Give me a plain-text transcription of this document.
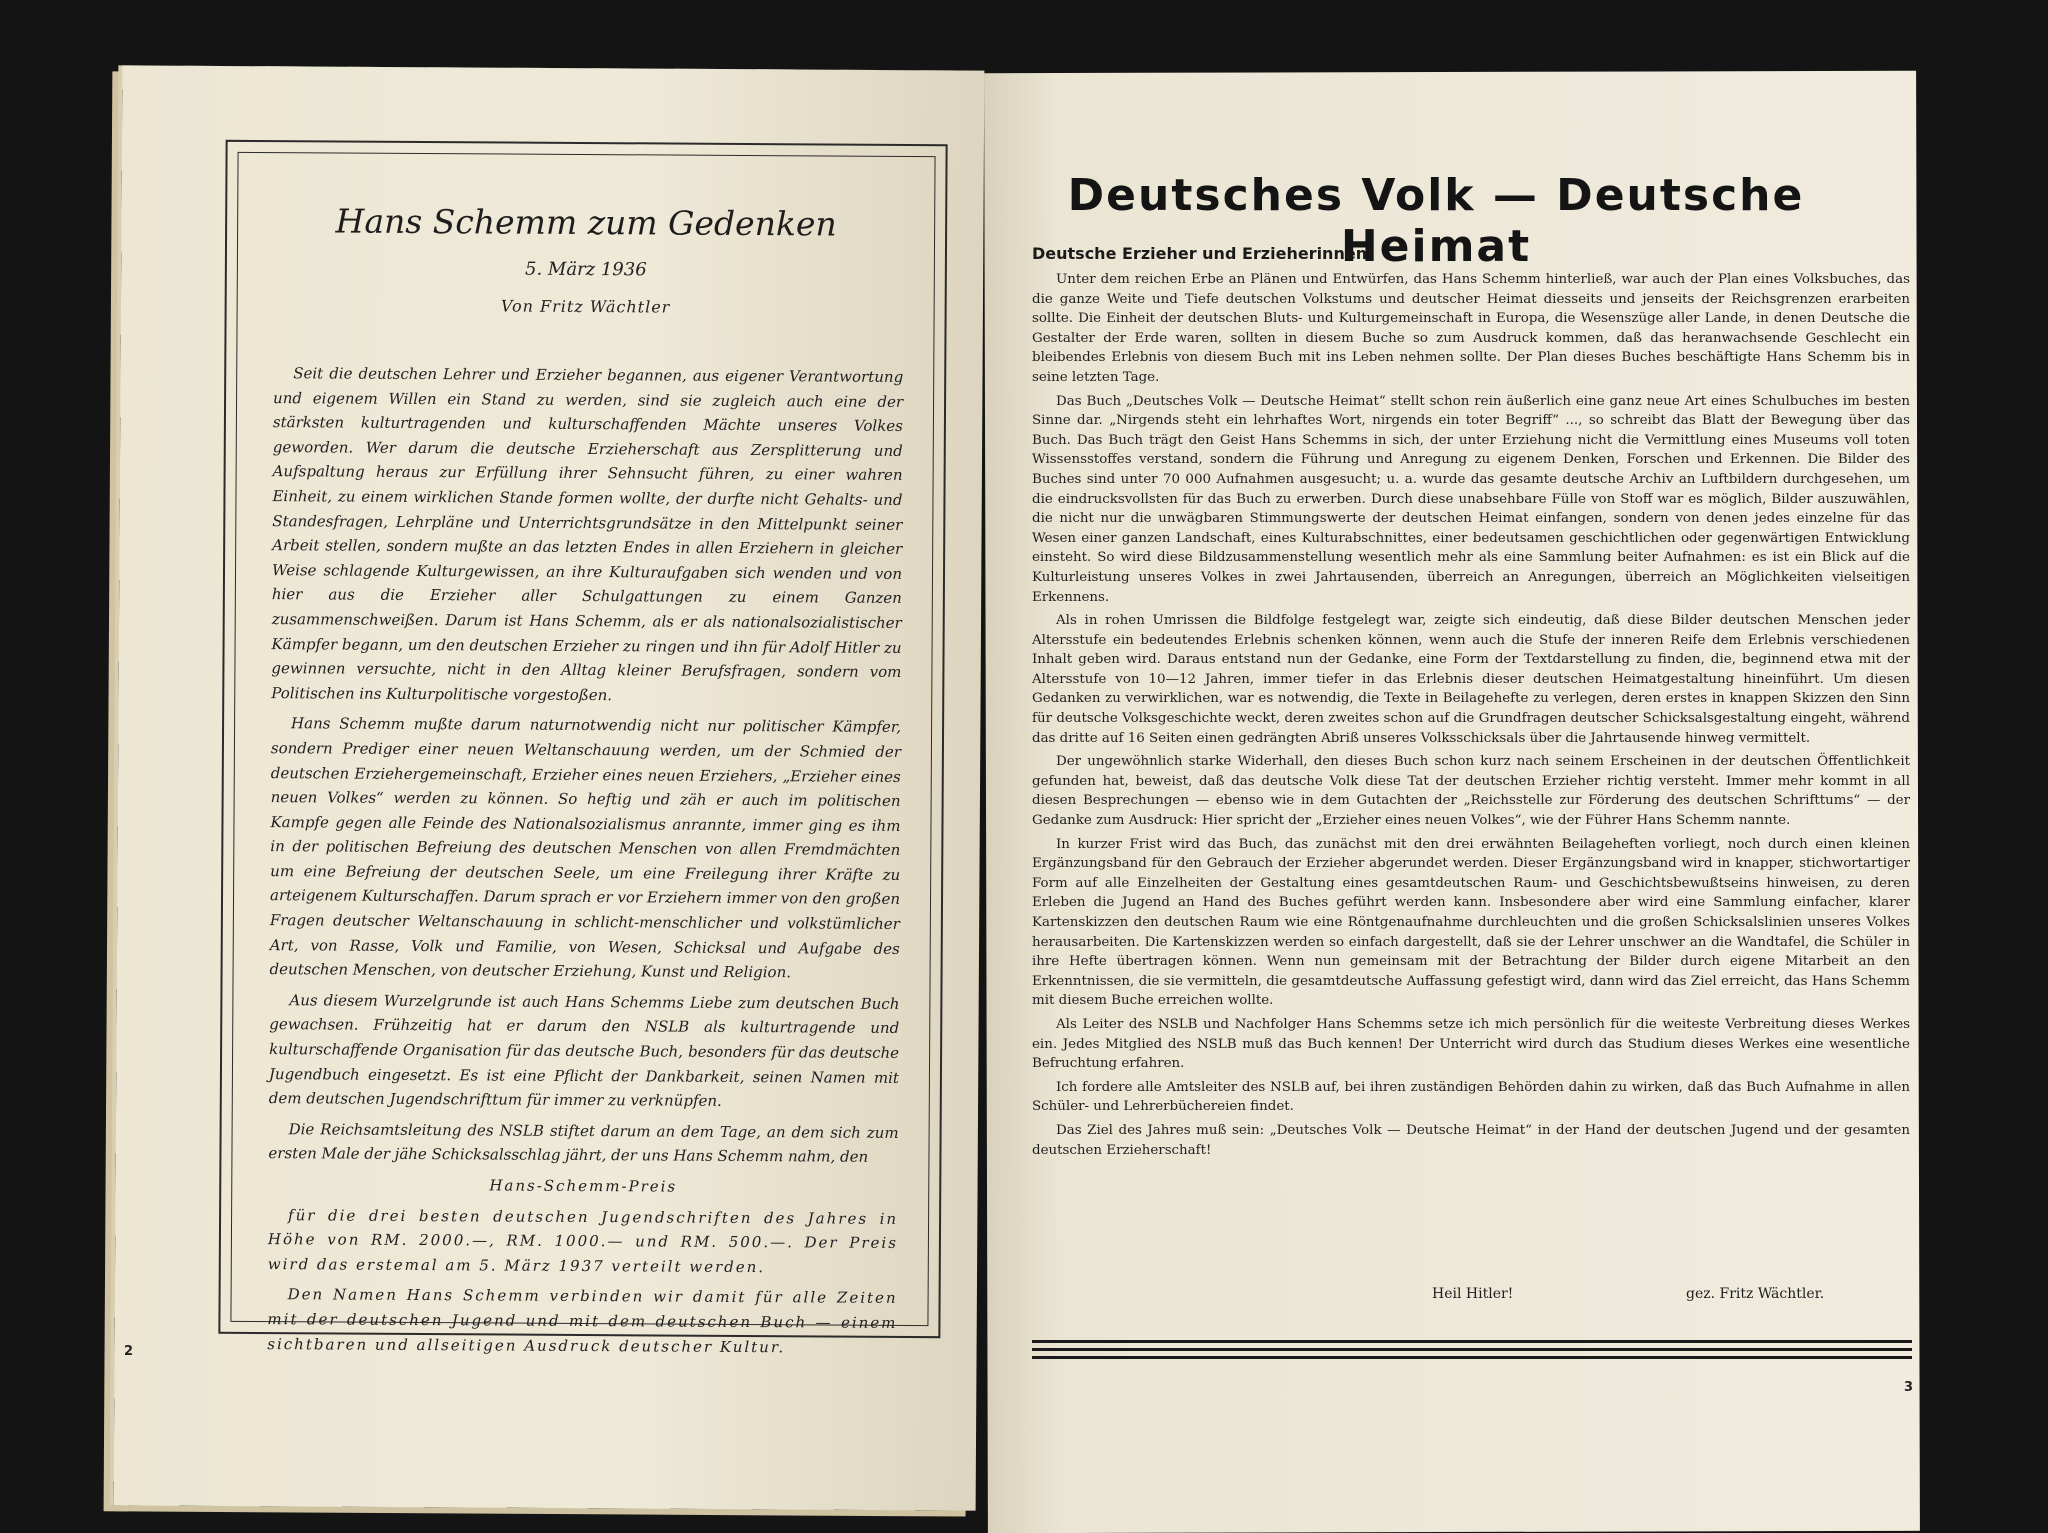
Hans Schemm zum Gedenken
5. März 1936
Von Fritz Wächtler

Seit die deutschen Lehrer und Erzieher begannen, aus eigener Verantwortung und eigenem Willen ein Stand zu werden, sind sie zugleich auch eine der stärksten kulturtragenden und kulturschaffenden Mächte unseres Volkes geworden. Wer darum die deutsche Erzieherschaft aus Zersplitterung und Aufspaltung heraus zur Erfüllung ihrer Sehnsucht führen, zu einer wahren Einheit, zu einem wirklichen Stande formen wollte, der durfte nicht Gehalts- und Standesfragen, Lehrpläne und Unterrichtsgrundsätze in den Mittelpunkt seiner Arbeit stellen, sondern mußte an das letzten Endes in allen Erziehern in gleicher Weise schlagende Kulturgewissen, an ihre Kulturaufgaben sich wenden und von hier aus die Erzieher aller Schulgattungen zu einem Ganzen zusammenschweißen. Darum ist Hans Schemm, als er als nationalsozialistischer Kämpfer begann, um den deutschen Erzieher zu ringen und ihn für Adolf Hitler zu gewinnen versuchte, nicht in den Alltag kleiner Berufsfragen, sondern vom Politischen ins Kulturpolitische vorgestoßen.

Hans Schemm mußte darum naturnotwendig nicht nur politischer Kämpfer, sondern Prediger einer neuen Weltanschauung werden, um der Schmied der deutschen Erziehergemeinschaft, Erzieher eines neuen Erziehers, „Erzieher eines neuen Volkes“ werden zu können. So heftig und zäh er auch im politischen Kampfe gegen alle Feinde des Nationalsozialismus anrannte, immer ging es ihm in der politischen Befreiung des deutschen Menschen von allen Fremdmächten um eine Befreiung der deutschen Seele, um eine Freilegung ihrer Kräfte zu arteigenem Kulturschaffen. Darum sprach er vor Erziehern immer von den großen Fragen deutscher Weltanschauung in schlicht-menschlicher und volkstümlicher Art, von Rasse, Volk und Familie, von Wesen, Schicksal und Aufgabe des deutschen Menschen, von deutscher Erziehung, Kunst und Religion.

Aus diesem Wurzelgrunde ist auch Hans Schemms Liebe zum deutschen Buch gewachsen. Frühzeitig hat er darum den NSLB als kulturtragende und kulturschaffende Organisation für das deutsche Buch, besonders für das deutsche Jugendbuch eingesetzt. Es ist eine Pflicht der Dankbarkeit, seinen Namen mit dem deutschen Jugendschrifttum für immer zu verknüpfen.

Die Reichsamtsleitung des NSLB stiftet darum an dem Tage, an dem sich zum ersten Male der jähe Schicksalsschlag jährt, der uns Hans Schemm nahm, den

Hans-Schemm-Preis

für die drei besten deutschen Jugendschriften des Jahres in Höhe von RM. 2000.—, RM. 1000.— und RM. 500.—. Der Preis wird das erstemal am 5. März 1937 verteilt werden.

Den Namen Hans Schemm verbinden wir damit für alle Zeiten mit der deutschen Jugend und mit dem deutschen Buch — einem sichtbaren und allseitigen Ausdruck deutscher Kultur.

2
Deutsches Volk — Deutsche Heimat
Deutsche Erzieher und Erzieherinnen!

Unter dem reichen Erbe an Plänen und Entwürfen, das Hans Schemm hinterließ, war auch der Plan eines Volksbuches, das die ganze Weite und Tiefe deutschen Volkstums und deutscher Heimat diesseits und jenseits der Reichsgrenzen erarbeiten sollte. Die Einheit der deutschen Bluts- und Kulturgemeinschaft in Europa, die Wesenszüge aller Lande, in denen Deutsche die Gestalter der Erde waren, sollten in diesem Buche so zum Ausdruck kommen, daß das heranwachsende Geschlecht ein bleibendes Erlebnis von diesem Buch mit ins Leben nehmen sollte. Der Plan dieses Buches beschäftigte Hans Schemm bis in seine letzten Tage.

Das Buch „Deutsches Volk — Deutsche Heimat“ stellt schon rein äußerlich eine ganz neue Art eines Schulbuches im besten Sinne dar. „Nirgends steht ein lehrhaftes Wort, nirgends ein toter Begriff“ ..., so schreibt das Blatt der Bewegung über das Buch. Das Buch trägt den Geist Hans Schemms in sich, der unter Erziehung nicht die Vermittlung eines Museums voll toten Wissensstoffes verstand, sondern die Führung und Anregung zu eigenem Denken, Forschen und Erkennen. Die Bilder des Buches sind unter 70 000 Aufnahmen ausgesucht; u. a. wurde das gesamte deutsche Archiv an Luftbildern durchgesehen, um die eindrucksvollsten für das Buch zu erwerben. Durch diese unabsehbare Fülle von Stoff war es möglich, Bilder auszuwählen, die nicht nur die unwägbaren Stimmungswerte der deutschen Heimat einfangen, sondern von denen jedes einzelne für das Wesen einer ganzen Landschaft, eines Kulturabschnittes, einer bedeutsamen geschichtlichen oder gegenwärtigen Entwicklung einsteht. So wird diese Bildzusammenstellung wesentlich mehr als eine Sammlung beiter Aufnahmen: es ist ein Blick auf die Kulturleistung unseres Volkes in zwei Jahrtausenden, überreich an Anregungen, überreich an Möglichkeiten vielseitigen Erkennens.

Als in rohen Umrissen die Bildfolge festgelegt war, zeigte sich eindeutig, daß diese Bilder deutschen Menschen jeder Altersstufe ein bedeutendes Erlebnis schenken können, wenn auch die Stufe der inneren Reife dem Erlebnis verschiedenen Inhalt geben wird. Daraus entstand nun der Gedanke, eine Form der Textdarstellung zu finden, die, beginnend etwa mit der Altersstufe von 10—12 Jahren, immer tiefer in das Erlebnis dieser deutschen Heimatgestaltung hineinführt. Um diesen Gedanken zu verwirklichen, war es notwendig, die Texte in Beilagehefte zu verlegen, deren erstes in knappen Skizzen den Sinn für deutsche Volksgeschichte weckt, deren zweites schon auf die Grundfragen deutscher Schicksalsgestaltung eingeht, während das dritte auf 16 Seiten einen gedrängten Abriß unseres Volksschicksals über die Jahrtausende hinweg vermittelt.

Der ungewöhnlich starke Widerhall, den dieses Buch schon kurz nach seinem Erscheinen in der deutschen Öffentlichkeit gefunden hat, beweist, daß das deutsche Volk diese Tat der deutschen Erzieher richtig versteht. Immer mehr kommt in all diesen Besprechungen — ebenso wie in dem Gutachten der „Reichsstelle zur Förderung des deutschen Schrifttums“ — der Gedanke zum Ausdruck: Hier spricht der „Erzieher eines neuen Volkes“, wie der Führer Hans Schemm nannte.

In kurzer Frist wird das Buch, das zunächst mit den drei erwähnten Beilageheften vorliegt, noch durch einen kleinen Ergänzungsband für den Gebrauch der Erzieher abgerundet werden. Dieser Ergänzungsband wird in knapper, stichwortartiger Form auf alle Einzelheiten der Gestaltung eines gesamtdeutschen Raum- und Geschichtsbewußtseins hinweisen, zu deren Erleben die Jugend an Hand des Buches geführt werden kann. Insbesondere aber wird eine Sammlung einfacher, klarer Kartenskizzen den deutschen Raum wie eine Röntgenaufnahme durchleuchten und die großen Schicksalslinien unseres Volkes herausarbeiten. Die Kartenskizzen werden so einfach dargestellt, daß sie der Lehrer unschwer an die Wandtafel, die Schüler in ihre Hefte übertragen können. Wenn nun gemeinsam mit der Betrachtung der Bilder durch eigene Mitarbeit an den Erkenntnissen, die sie vermitteln, die gesamtdeutsche Auffassung gefestigt wird, dann wird das Ziel erreicht, das Hans Schemm mit diesem Buche erreichen wollte.

Als Leiter des NSLB und Nachfolger Hans Schemms setze ich mich persönlich für die weiteste Verbreitung dieses Werkes ein. Jedes Mitglied des NSLB muß das Buch kennen! Der Unterricht wird durch das Studium dieses Werkes eine wesentliche Befruchtung erfahren.

Ich fordere alle Amtsleiter des NSLB auf, bei ihren zuständigen Behörden dahin zu wirken, daß das Buch Aufnahme in allen Schüler- und Lehrerbüchereien findet.

Das Ziel des Jahres muß sein: „Deutsches Volk — Deutsche Heimat“ in der Hand der deutschen Jugend und der gesamten deutschen Erzieherschaft!

Heil Hitler!	gez. Fritz Wächtler.
3
